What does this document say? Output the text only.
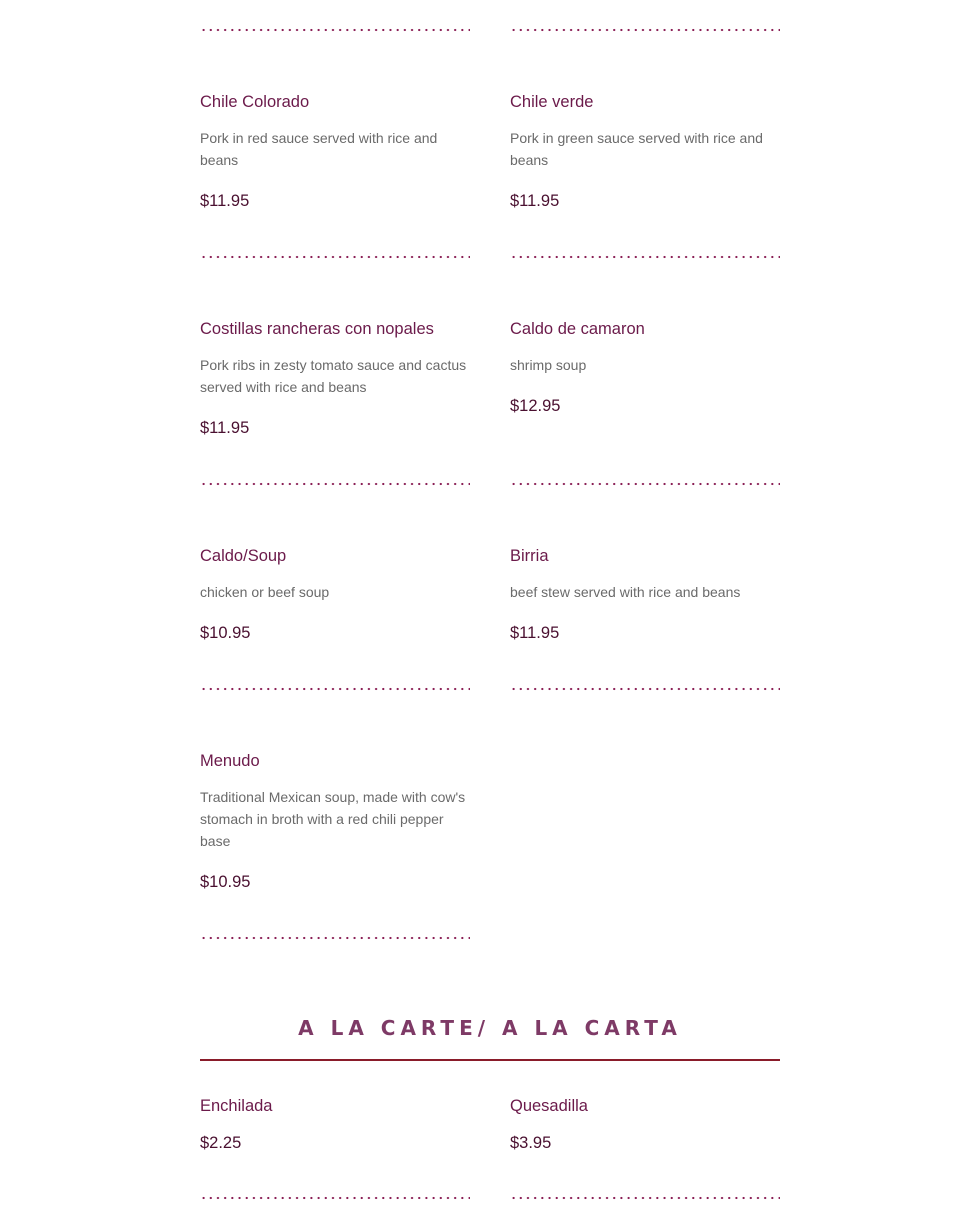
Chile Colorado

Pork in red sauce served with rice and beans

$11.95

Chile verde

Pork in green sauce served with rice and beans

$11.95

Costillas rancheras con nopales

Pork ribs in zesty tomato sauce and cactus served with rice and beans

$11.95

Caldo de camaron

shrimp soup

$12.95

Caldo/Soup

chicken or beef soup

$10.95

Birria

beef stew served with rice and beans

$11.95

Menudo

Traditional Mexican soup, made with cow's stomach in broth with a red chili pepper base

$10.95

A LA CARTE/ A LA CARTA
Enchilada

$2.25

Quesadilla

$3.95
